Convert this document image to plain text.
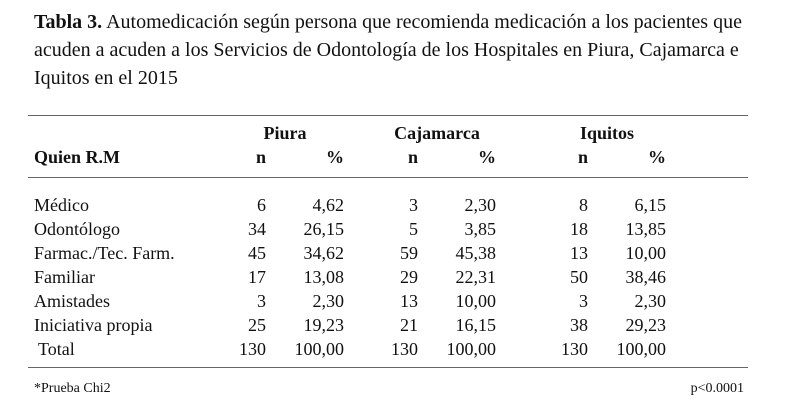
Tabla 3. Automedicación según persona que recomienda medicación a los pacientes que acuden a acuden a los Servicios de Odontología de los Hospitales en Piura, Cajamarca e Iquitos en el 2015
	Piura			Cajamarca			Iquitos	
Quien R.M	n	%		n	%		n	%

Médico	6	4,62		3	2,30		8	6,15
Odontólogo	34	26,15		5	3,85		18	13,85
Farmac./Tec. Farm.	45	34,62		59	45,38		13	10,00
Familiar	17	13,08		29	22,31		50	38,46
Amistades	3	2,30		13	10,00		3	2,30
Iniciativa propia	25	19,23		21	16,15		38	29,23
Total	130	100,00		130	100,00		130	100,00
*Prueba Chi2	p<0.0001
